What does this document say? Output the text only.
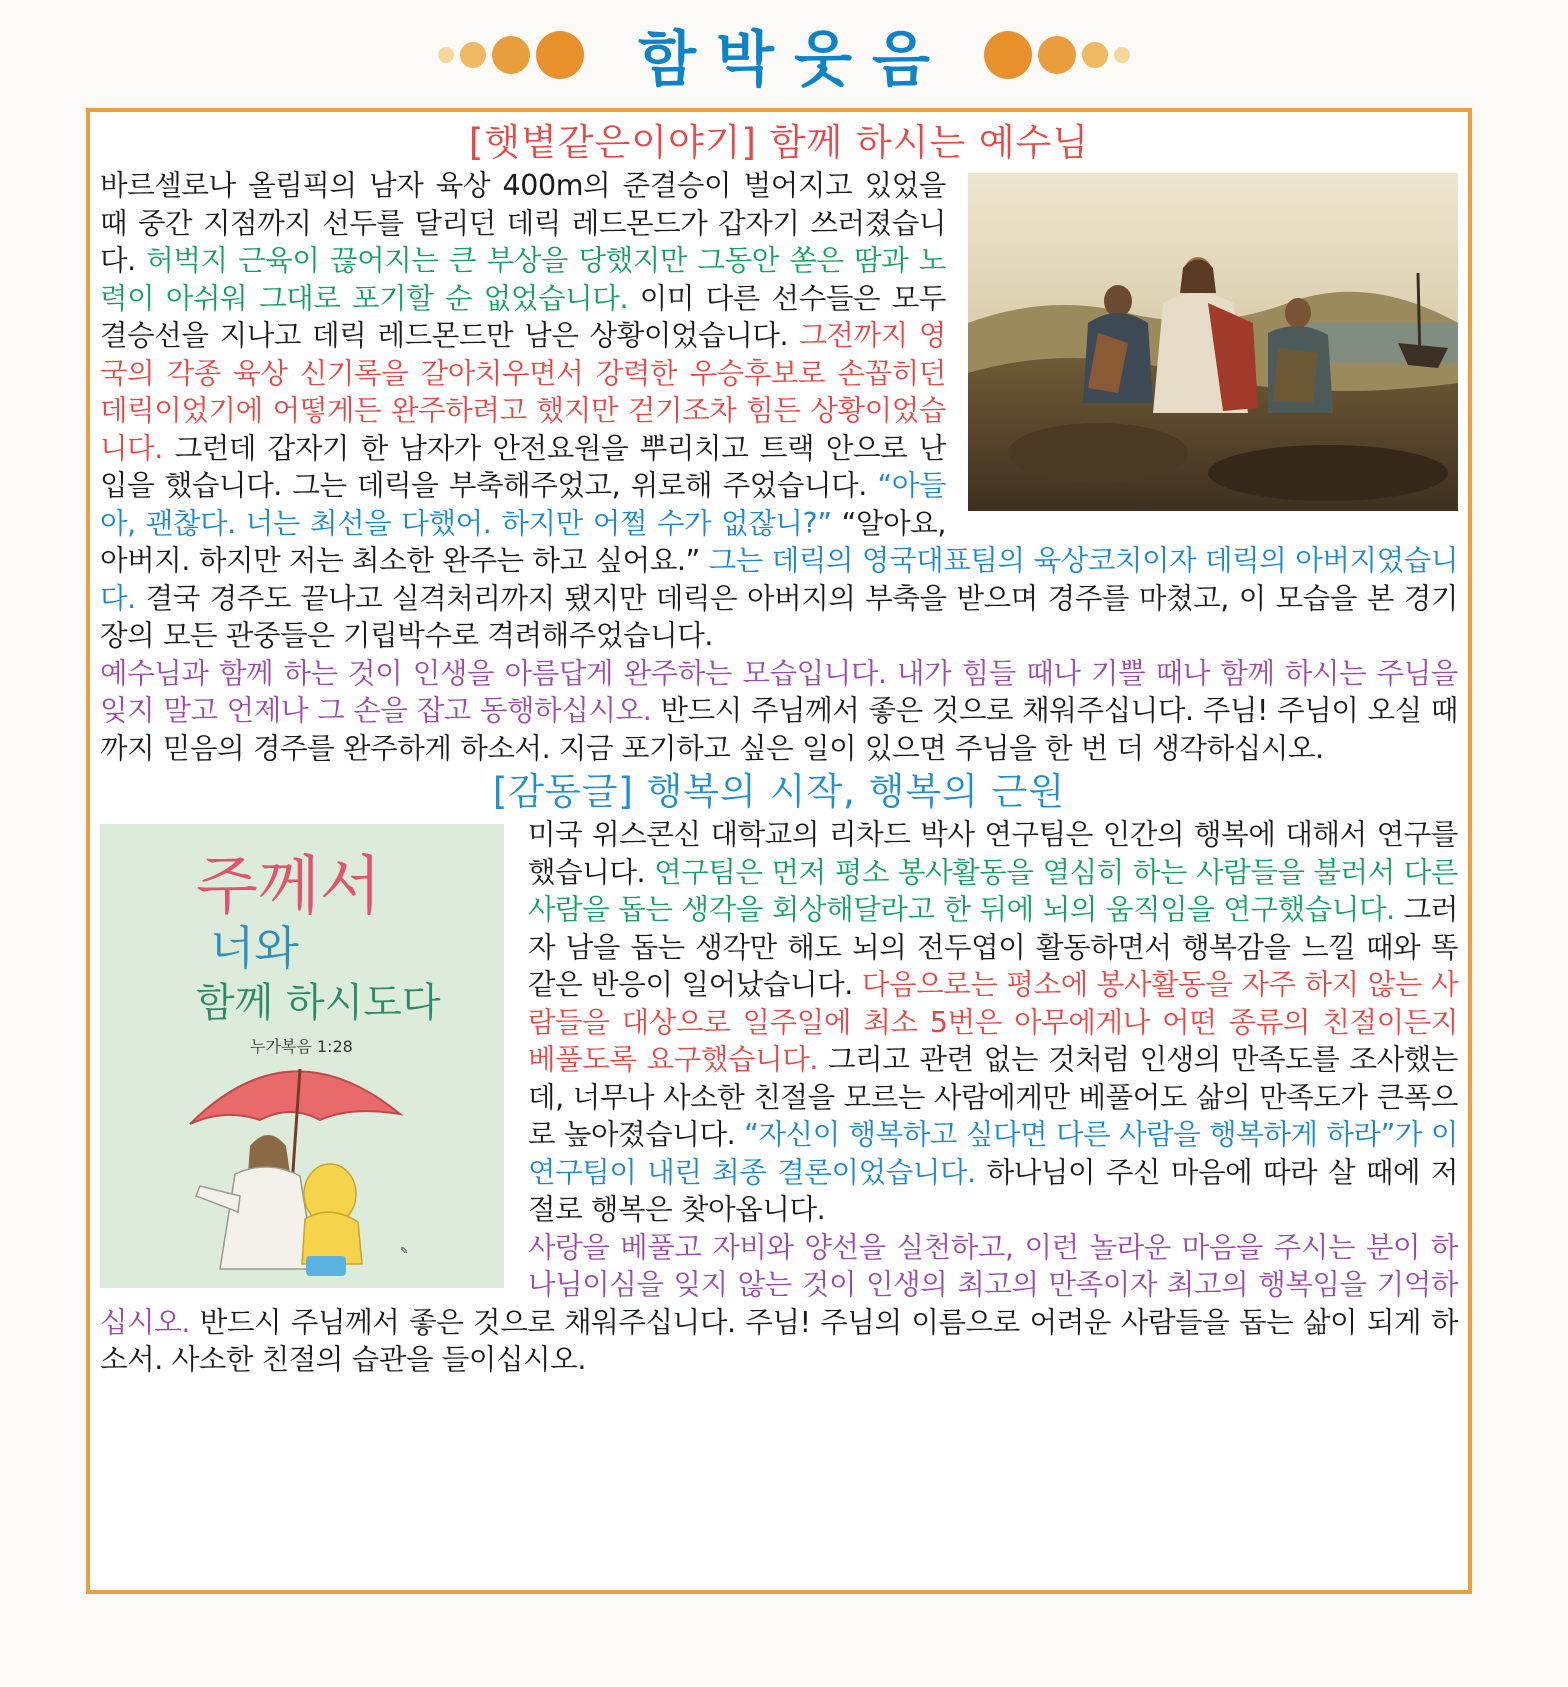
함박웃음
[햇볕같은이야기] 함께 하시는 예수님

바르셀로나 올림픽의 남자 육상 400m의 준결승이 벌어지고 있었을 때 중간 지점까지 선두를 달리던 데릭 레드몬드가 갑자기 쓰러졌습니다. 허벅지 근육이 끊어지는 큰 부상을 당했지만 그동안 쏟은 땀과 노력이 아쉬워 그대로 포기할 순 없었습니다. 이미 다른 선수들은 모두 결승선을 지나고 데릭 레드몬드만 남은 상황이었습니다. 그전까지 영국의 각종 육상 신기록을 갈아치우면서 강력한 우승후보로 손꼽히던 데릭이었기에 어떻게든 완주하려고 했지만 걷기조차 힘든 상황이었습니다. 그런데 갑자기 한 남자가 안전요원을 뿌리치고 트랙 안으로 난입을 했습니다. 그는 데릭을 부축해주었고, 위로해 주었습니다. “아들아, 괜찮다. 너는 최선을 다했어. 하지만 어쩔 수가 없잖니?” “알아요, 아버지. 하지만 저는 최소한 완주는 하고 싶어요.” 그는 데릭의 영국대표팀의 육상코치이자 데릭의 아버지였습니다. 결국 경주도 끝나고 실격처리까지 됐지만 데릭은 아버지의 부축을 받으며 경주를 마쳤고, 이 모습을 본 경기장의 모든 관중들은 기립박수로 격려해주었습니다.

예수님과 함께 하는 것이 인생을 아름답게 완주하는 모습입니다. 내가 힘들 때나 기쁠 때나 함께 하시는 주님을 잊지 말고 언제나 그 손을 잡고 동행하십시오. 반드시 주님께서 좋은 것으로 채워주십니다. 주님! 주님이 오실 때 까지 믿음의 경주를 완주하게 하소서. 지금 포기하고 싶은 일이 있으면 주님을 한 번 더 생각하십시오.

[감동글] 행복의 시작, 행복의 근원
주께서
너와
함께 하시도다
누가복음 1:28
✎

미국 위스콘신 대학교의 리차드 박사 연구팀은 인간의 행복에 대해서 연구를 했습니다. 연구팀은 먼저 평소 봉사활동을 열심히 하는 사람들을 불러서 다른 사람을 돕는 생각을 회상해달라고 한 뒤에 뇌의 움직임을 연구했습니다. 그러자 남을 돕는 생각만 해도 뇌의 전두엽이 활동하면서 행복감을 느낄 때와 똑같은 반응이 일어났습니다. 다음으로는 평소에 봉사활동을 자주 하지 않는 사람들을 대상으로 일주일에 최소 5번은 아무에게나 어떤 종류의 친절이든지 베풀도록 요구했습니다. 그리고 관련 없는 것처럼 인생의 만족도를 조사했는데, 너무나 사소한 친절을 모르는 사람에게만 베풀어도 삶의 만족도가 큰폭으로 높아졌습니다. “자신이 행복하고 싶다면 다른 사람을 행복하게 하라”가 이 연구팀이 내린 최종 결론이었습니다. 하나님이 주신 마음에 따라 살 때에 저절로 행복은 찾아옵니다.

사랑을 베풀고 자비와 양선을 실천하고, 이런 놀라운 마음을 주시는 분이 하나님이심을 잊지 않는 것이 인생의 최고의 만족이자 최고의 행복임을 기억하십시오. 반드시 주님께서 좋은 것으로 채워주십니다. 주님! 주님의 이름으로 어려운 사람들을 돕는 삶이 되게 하소서. 사소한 친절의 습관을 들이십시오.
